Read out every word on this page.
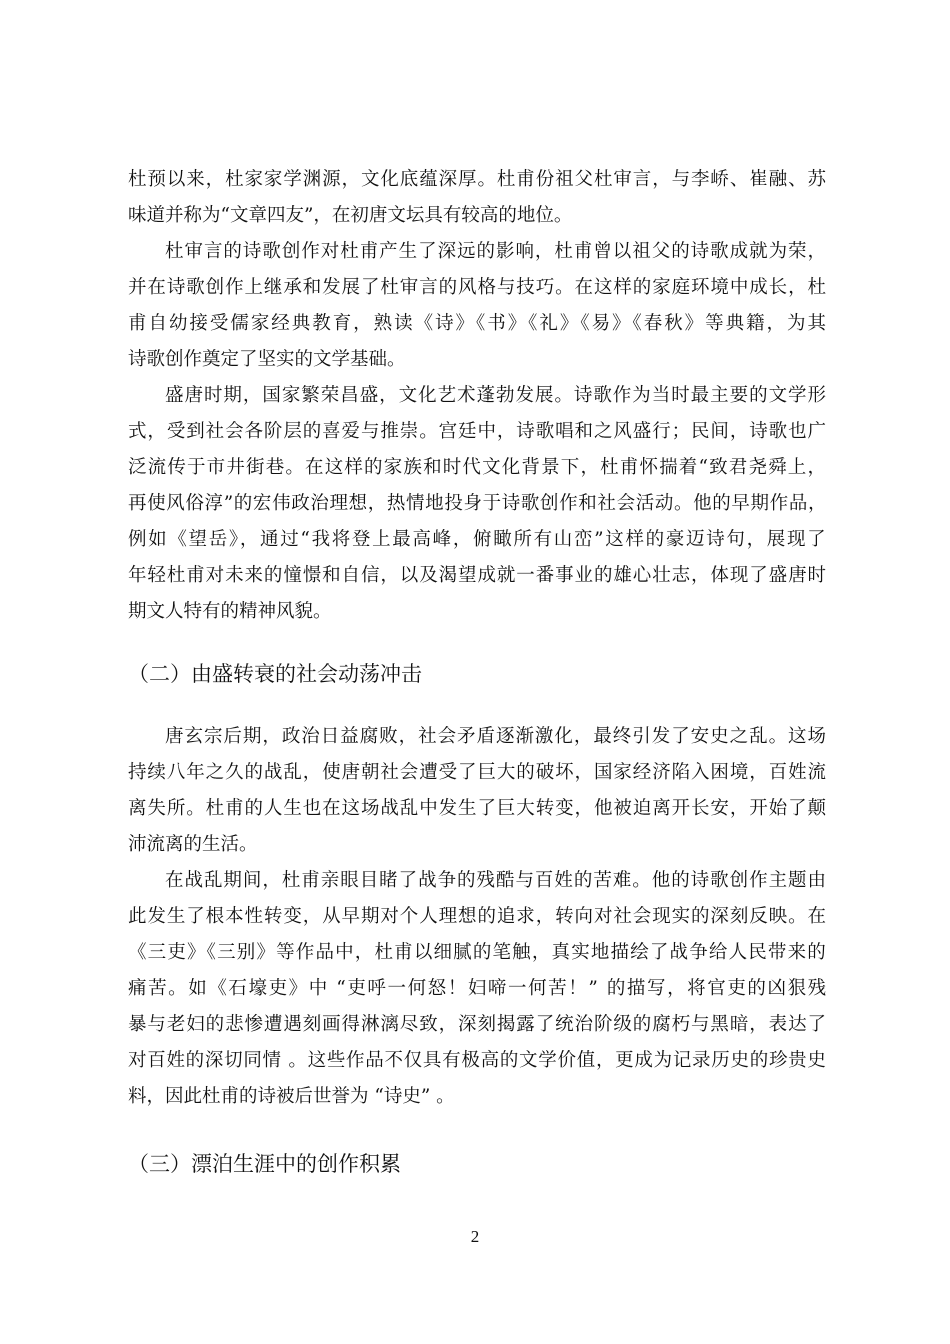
杜预以来，杜家家学渊源，文化底蕴深厚。杜甫份祖父杜审言，与李峤、崔融、苏
味道并称为“文章四友”，在初唐文坛具有较高的地位。
杜审言的诗歌创作对杜甫产生了深远的影响，杜甫曾以祖父的诗歌成就为荣，
并在诗歌创作上继承和发展了杜审言的风格与技巧。在这样的家庭环境中成长，杜
甫自幼接受儒家经典教育，熟读《诗》《书》《礼》《易》《春秋》等典籍，为其
诗歌创作奠定了坚实的文学基础。
盛唐时期，国家繁荣昌盛，文化艺术蓬勃发展。诗歌作为当时最主要的文学形
式，受到社会各阶层的喜爱与推崇。宫廷中，诗歌唱和之风盛行；民间，诗歌也广
泛流传于市井街巷。在这样的家族和时代文化背景下，杜甫怀揣着“致君尧舜上，
再使风俗淳”的宏伟政治理想，热情地投身于诗歌创作和社会活动。他的早期作品，
例如《望岳》，通过“我将登上最高峰，俯瞰所有山峦”这样的豪迈诗句，展现了
年轻杜甫对未来的憧憬和自信，以及渴望成就一番事业的雄心壮志，体现了盛唐时
期文人特有的精神风貌。
（二）由盛转衰的社会动荡冲击
唐玄宗后期，政治日益腐败，社会矛盾逐渐激化，最终引发了安史之乱。这场
持续八年之久的战乱，使唐朝社会遭受了巨大的破坏，国家经济陷入困境，百姓流
离失所。杜甫的人生也在这场战乱中发生了巨大转变，他被迫离开长安，开始了颠
沛流离的生活。
在战乱期间，杜甫亲眼目睹了战争的残酷与百姓的苦难。他的诗歌创作主题由
此发生了根本性转变，从早期对个人理想的追求，转向对社会现实的深刻反映。在
《三吏》《三别》等作品中，杜甫以细腻的笔触，真实地描绘了战争给人民带来的
痛苦。如《石壕吏》中 “吏呼一何怒！妇啼一何苦！” 的描写，将官吏的凶狠残
暴与老妇的悲惨遭遇刻画得淋漓尽致，深刻揭露了统治阶级的腐朽与黑暗，表达了
对百姓的深切同情 。这些作品不仅具有极高的文学价值，更成为记录历史的珍贵史
料，因此杜甫的诗被后世誉为 “诗史” 。
（三）漂泊生涯中的创作积累
2
